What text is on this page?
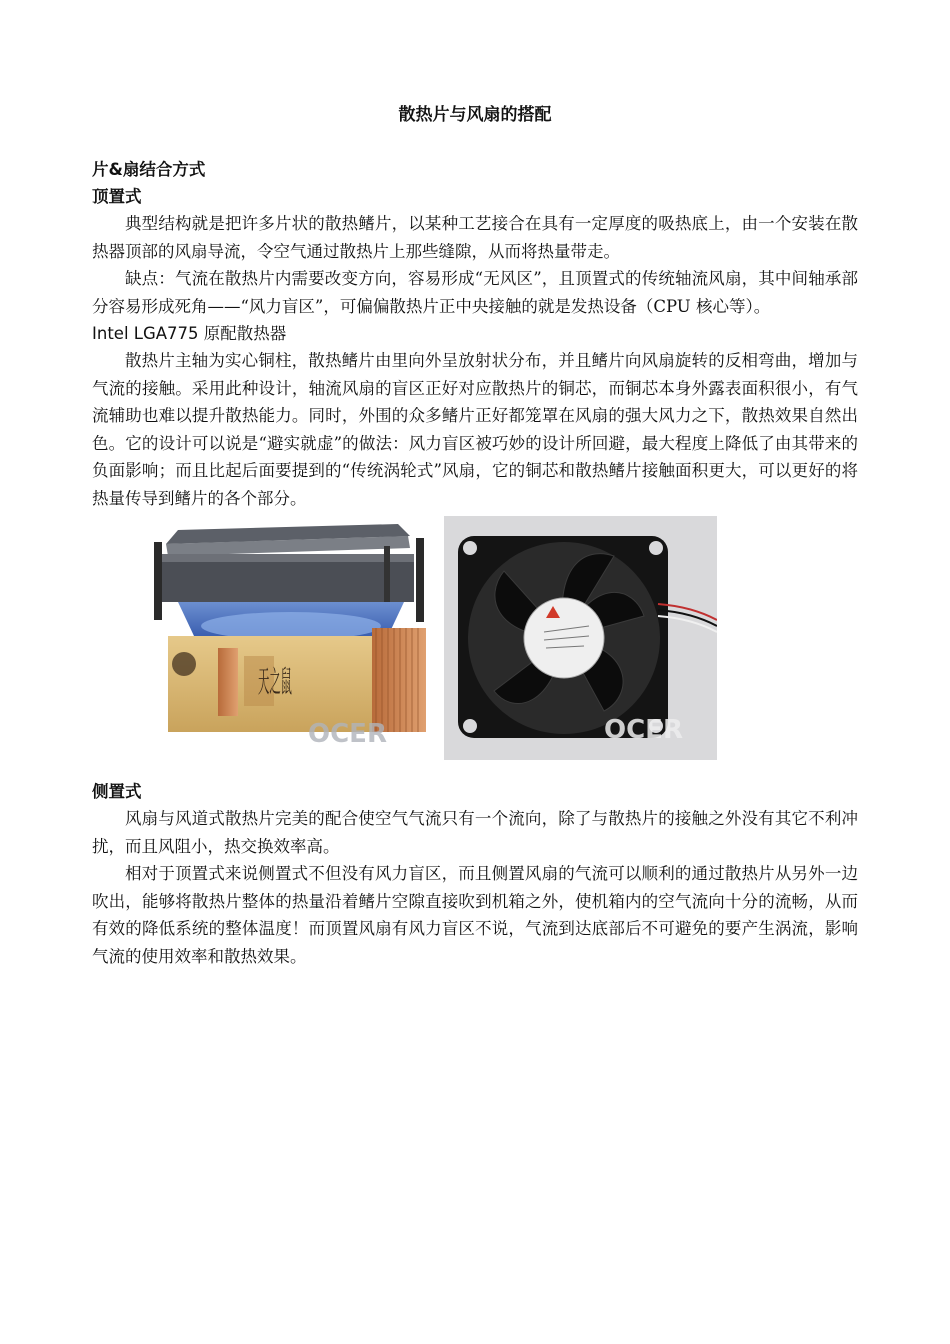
散热片与风扇的搭配
片&扇结合方式
顶置式

典型结构就是把许多片状的散热鳍片，以某种工艺接合在具有一定厚度的吸热底上，由一个安装在散热器顶部的风扇导流，令空气通过散热片上那些缝隙，从而将热量带走。

缺点：气流在散热片内需要改变方向，容易形成“无风区”，且顶置式的传统轴流风扇，其中间轴承部分容易形成死角——“风力盲区”，可偏偏散热片正中央接触的就是发热设备（CPU 核心等）。

Intel LGA775 原配散热器

散热片主轴为实心铜柱，散热鳍片由里向外呈放射状分布，并且鳍片向风扇旋转的反相弯曲，增加与气流的接触。采用此种设计，轴流风扇的盲区正好对应散热片的铜芯，而铜芯本身外露表面积很小，有气流辅助也难以提升散热能力。同时，外围的众多鳍片正好都笼罩在风扇的强大风力之下，散热效果自然出色。它的设计可以说是“避实就虚”的做法：风力盲区被巧妙的设计所回避，最大程度上降低了由其带来的负面影响；而且比起后面要提到的“传统涡轮式”风扇，它的铜芯和散热鳍片接触面积更大，可以更好的将热量传导到鳍片的各个部分。

天之鼠
OCER	OCER
侧置式

风扇与风道式散热片完美的配合使空气气流只有一个流向，除了与散热片的接触之外没有其它不利冲扰，而且风阻小，热交换效率高。

相对于顶置式来说侧置式不但没有风力盲区，而且侧置风扇的气流可以顺利的通过散热片从另外一边吹出，能够将散热片整体的热量沿着鳍片空隙直接吹到机箱之外，使机箱内的空气流向十分的流畅，从而有效的降低系统的整体温度！而顶置风扇有风力盲区不说，气流到达底部后不可避免的要产生涡流，影响气流的使用效率和散热效果。
